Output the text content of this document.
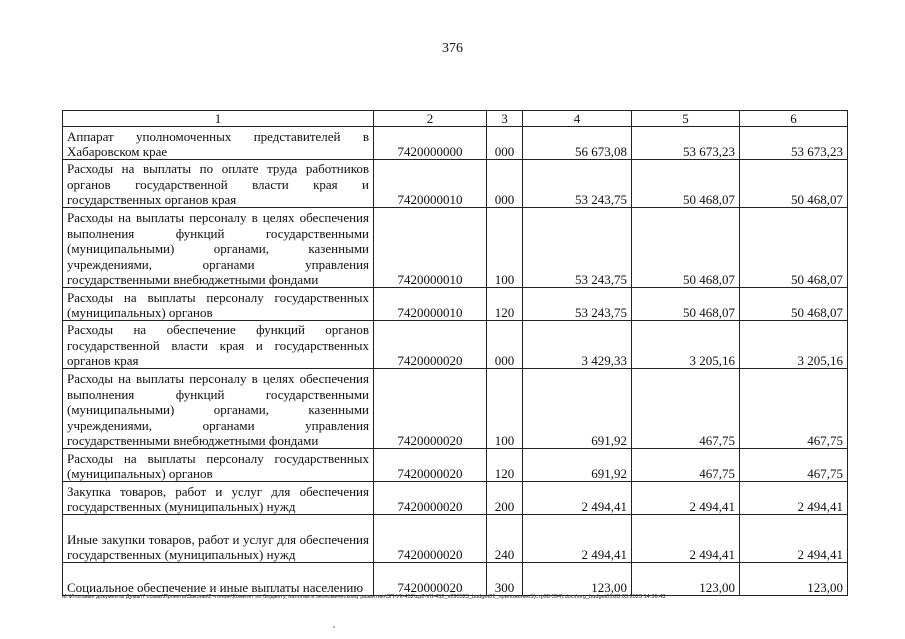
376
1	2	3	4	5	6
Аппарат уполномоченных представителей в Хабаровском крае	7420000000	000	56 673,08	53 673,23	53 673,23
Расходы на выплаты по оплате труда работников органов государственной власти края и государственных органов края	7420000010	000	53 243,75	50 468,07	50 468,07
Расходы на выплаты персоналу в целях обеспечения выполнения функций государственными (муниципальными) органами, казенными учреждениями, органами управления государственными внебюджетными фондами	7420000010	100	53 243,75	50 468,07	50 468,07
Расходы на выплаты персоналу государственных (муниципальных) органов	7420000010	120	53 243,75	50 468,07	50 468,07
Расходы на обеспечение функций органов государственной власти края и государственных органов края	7420000020	000	3 429,33	3 205,16	3 205,16
Расходы на выплаты персоналу в целях обеспечения выполнения функций государственными (муниципальными) органами, казенными учреждениями, органами управления государственными внебюджетными фондами	7420000020	100	691,92	467,75	467,75
Расходы на выплаты персоналу государственных (муниципальных) органов	7420000020	120	691,92	467,75	467,75
Закупка товаров, работ и услуг для обеспечения государственных (муниципальных) нужд	7420000020	200	2 494,41	2 494,41	2 494,41
Иные закупки товаров, работ и услуг для обеспечения государственных (муниципальных) нужд	7420000020	240	2 494,41	2 494,41	2 494,41
Социальное обеспечение и иные выплаты населению	7420000020	300	123,00	123,00	123,00
М:\Итоговые документы Думы\7 созыв\Проекты\Законы\2 чтение\Комитет по бюджету, налогам и экономическому развитию\ЗП-VII-452\zp2-VII-452_v290323_budget01_приложение5(стр98-394).docx\org_budget01\28.03.2023 14:36:43
